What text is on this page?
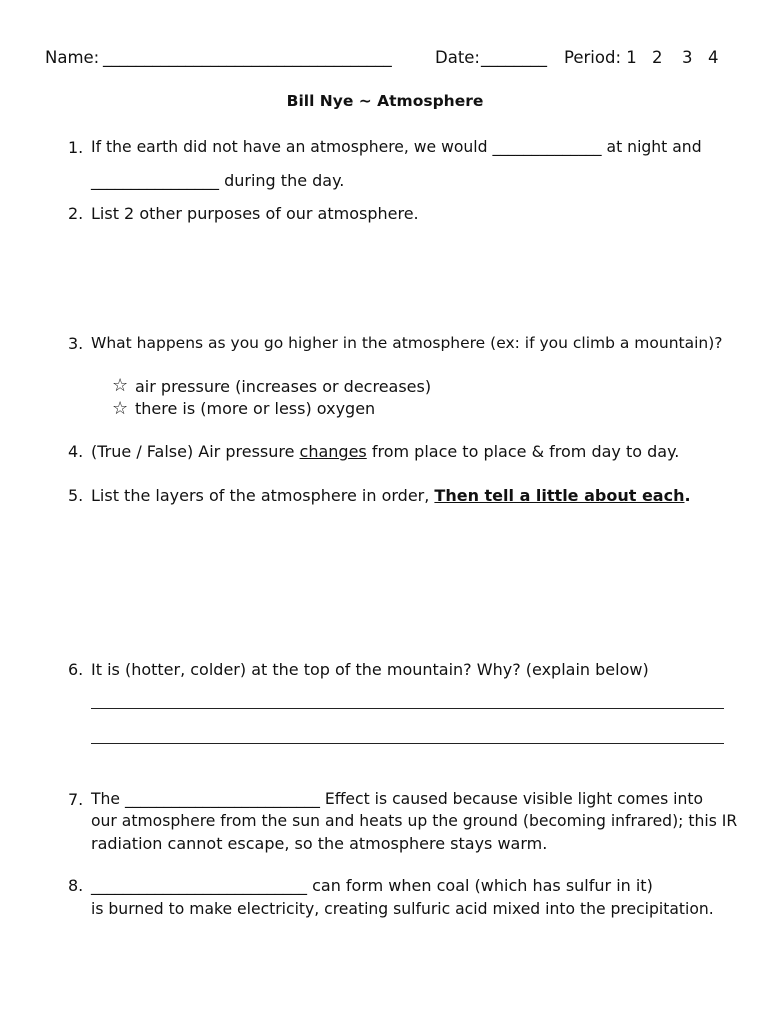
Name: ___________________________________	Date: ________ Period: 1 2 3 4
Bill Nye ~ Atmosphere
1. If the earth did not have an atmosphere, we would ______________ at night and
________________ during the day.
2. List 2 other purposes of our atmosphere.
3. What happens as you go higher in the atmosphere (ex: if you climb a mountain)?
☆ air pressure (increases or decreases)
☆ there is (more or less) oxygen
4. (True / False) Air pressure changes from place to place & from day to day.
5. List the layers of the atmosphere in order, Then tell a little about each.
6. It is (hotter, colder) at the top of the mountain? Why? (explain below)
7. The _________________________ Effect is caused because visible light comes into
our atmosphere from the sun and heats up the ground (becoming infrared); this IR
radiation cannot escape, so the atmosphere stays warm.
8. ___________________________ can form when coal (which has sulfur in it)
is burned to make electricity, creating sulfuric acid mixed into the precipitation.
